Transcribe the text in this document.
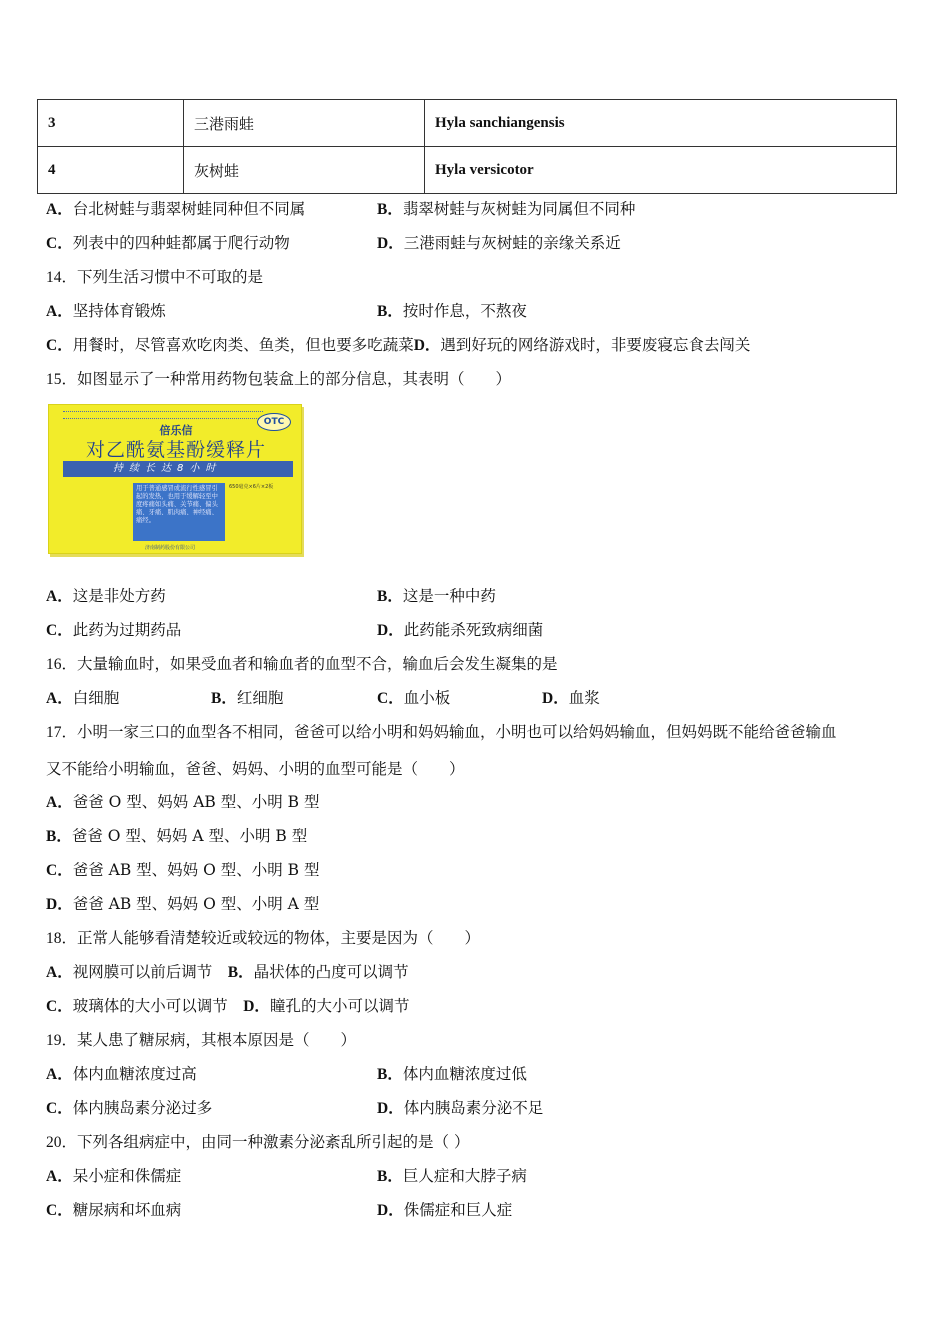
3	三港雨蛙	Hyla sanchiangensis
4	灰树蛙	Hyla versicotor
A．台北树蛙与翡翠树蛙同种但不同属	B．翡翠树蛙与灰树蛙为同属但不同种
C．列表中的四种蛙都属于爬行动物	D．三港雨蛙与灰树蛙的亲缘关系近
14．下列生活习惯中不可取的是
A．坚持体育锻炼	B．按时作息，不熬夜
C．用餐时，尽管喜欢吃肉类、鱼类，但也要多吃蔬菜D．遇到好玩的网络游戏时，非要废寝忘食去闯关
15．如图显示了一种常用药物包装盒上的部分信息，其表明（　　）
OTC
倍乐信
对乙酰氨基酚缓释片
持续长达8小时
650毫克×6片×2板
用于普通感冒或流行性感冒引起的发热，也用于缓解轻至中度疼痛如头痛、关节痛、偏头痛、牙痛、肌肉痛、神经痛、痛经。
济南制药股份有限公司
A．这是非处方药	B．这是一种中药
C．此药为过期药品	D．此药能杀死致病细菌
16．大量输血时，如果受血者和输血者的血型不合，输血后会发生凝集的是
A．白细胞	B．红细胞	C．血小板	D．血浆
17．小明一家三口的血型各不相同，爸爸可以给小明和妈妈输血，小明也可以给妈妈输血，但妈妈既不能给爸爸输血
又不能给小明输血，爸爸、妈妈、小明的血型可能是（　　）
A．爸爸 O 型、妈妈 AB 型、小明 B 型
B．爸爸 O 型、妈妈 A 型、小明 B 型
C．爸爸 AB 型、妈妈 O 型、小明 B 型
D．爸爸 AB 型、妈妈 O 型、小明 A 型
18．正常人能够看清楚较近或较远的物体，主要是因为（　　）
A．视网膜可以前后调节　 B．晶状体的凸度可以调节
C．玻璃体的大小可以调节　 D．瞳孔的大小可以调节
19．某人患了糖尿病，其根本原因是（　　）
A．体内血糖浓度过高	B．体内血糖浓度过低
C．体内胰岛素分泌过多	D．体内胰岛素分泌不足
20．下列各组病症中，由同一种激素分泌紊乱所引起的是（ ）
A．呆小症和侏儒症	B．巨人症和大脖子病
C．糖尿病和坏血病	D．侏儒症和巨人症
